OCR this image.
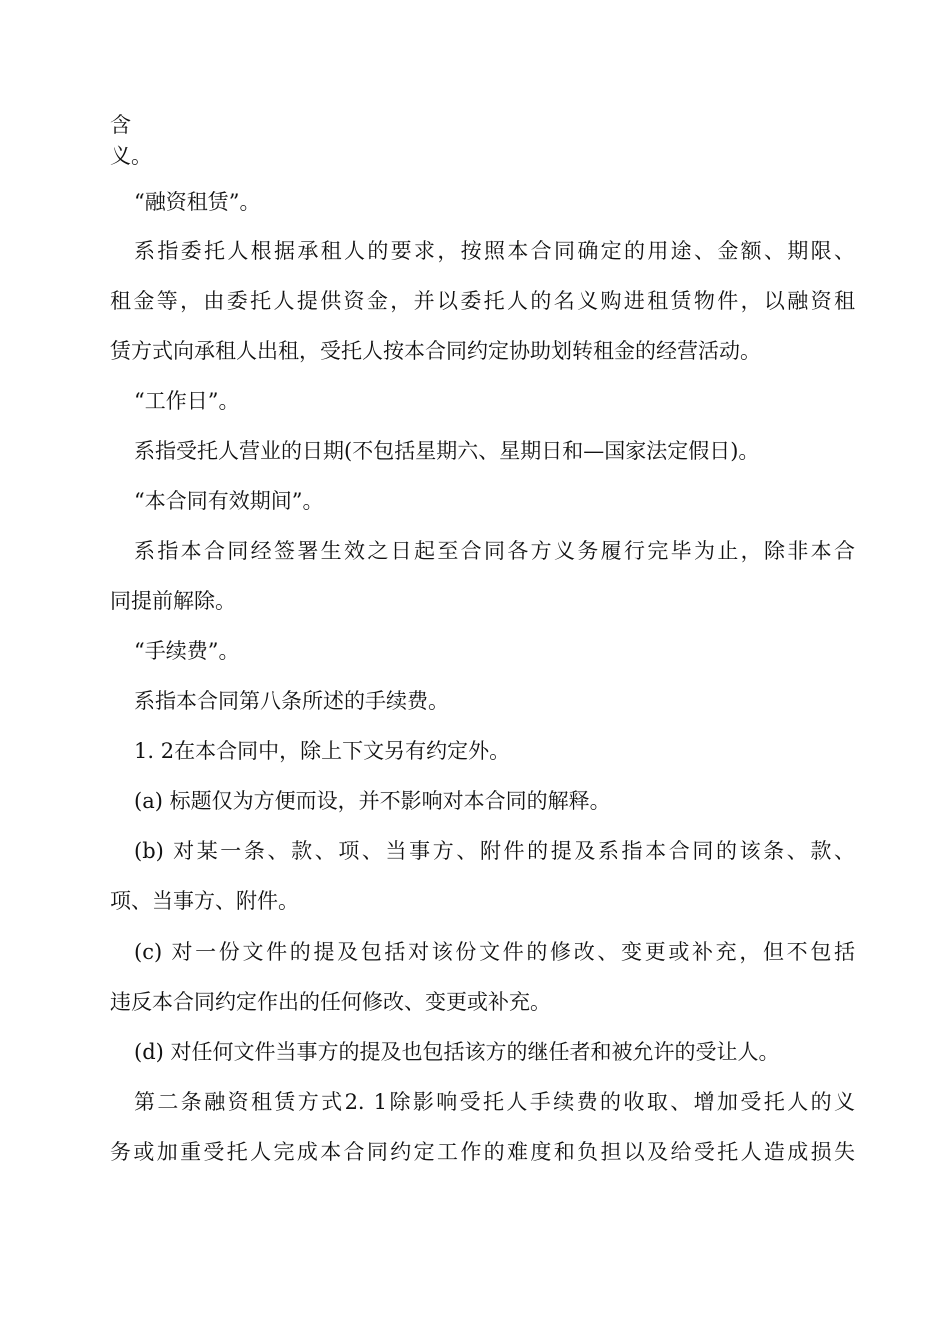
含
义。
“融资租赁”。
系指委托人根据承租人的要求，按照本合同确定的用途、金额、期限、
租金等，由委托人提供资金，并以委托人的名义购进租赁物件，以融资租
赁方式向承租人出租，受托人按本合同约定协助划转租金的经营活动。
“工作日”。
系指受托人营业的日期(不包括星期六、星期日和—国家法定假日)。
“本合同有效期间”。
系指本合同经签署生效之日起至合同各方义务履行完毕为止，除非本合
同提前解除。
“手续费”。
系指本合同第八条所述的手续费。
1. 2在本合同中，除上下文另有约定外。
(a) 标题仅为方便而设，并不影响对本合同的解释。
(b) 对某一条、款、项、当事方、附件的提及系指本合同的该条、款、
项、当事方、附件。
(c) 对一份文件的提及包括对该份文件的修改、变更或补充，但不包括
违反本合同约定作出的任何修改、变更或补充。
(d) 对任何文件当事方的提及也包括该方的继任者和被允许的受让人。
第二条融资租赁方式2. 1除影响受托人手续费的收取、增加受托人的义
务或加重受托人完成本合同约定工作的难度和负担以及给受托人造成损失
